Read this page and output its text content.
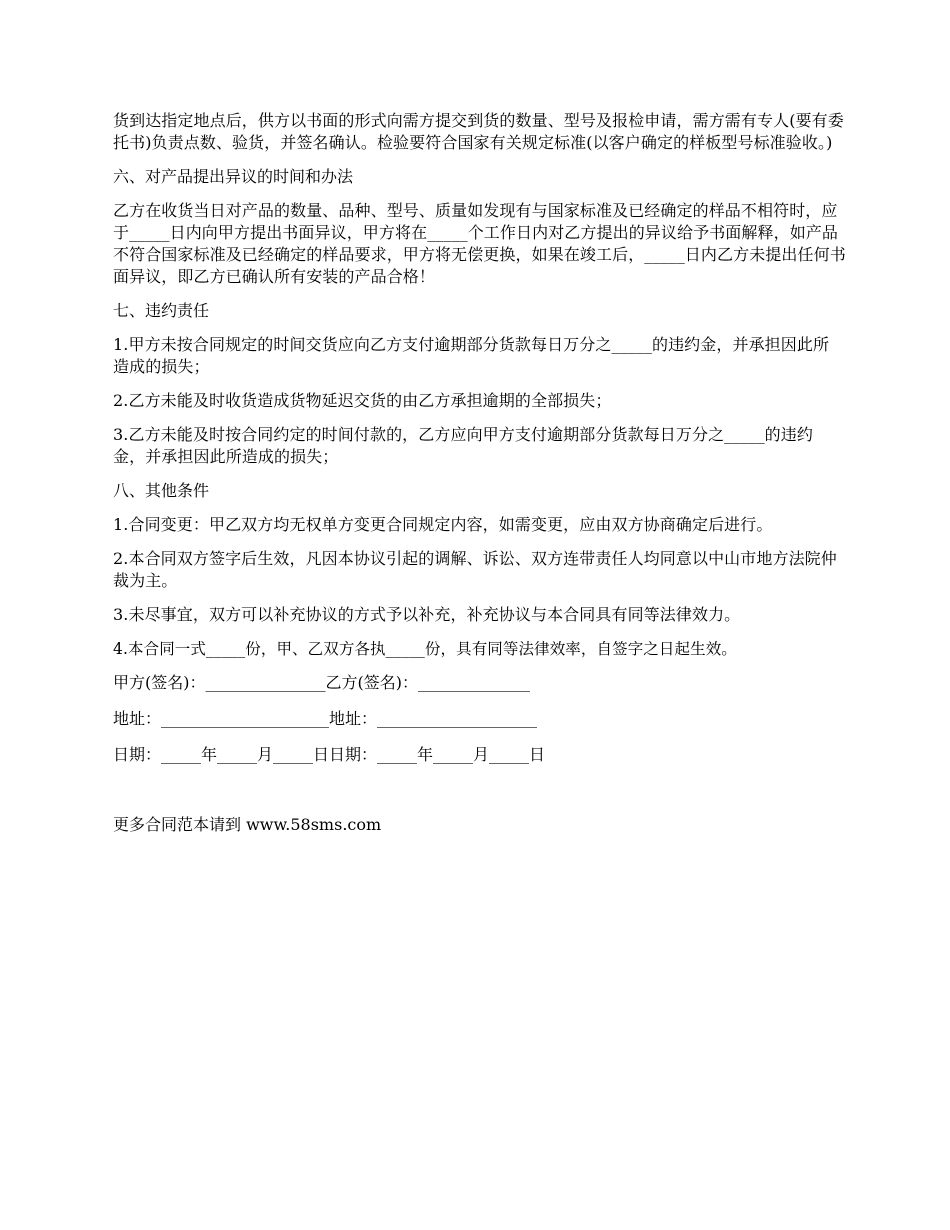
货到达指定地点后，供方以书面的形式向需方提交到货的数量、型号及报检申请，需方需有专人(要有委托书)负责点数、验货，并签名确认。检验要符合国家有关规定标准(以客户确定的样板型号标准验收。)

六、对产品提出异议的时间和办法

乙方在收货当日对产品的数量、品种、型号、质量如发现有与国家标准及已经确定的样品不相符时，应于_____日内向甲方提出书面异议，甲方将在_____个工作日内对乙方提出的异议给予书面解释，如产品不符合国家标准及已经确定的样品要求，甲方将无偿更换，如果在竣工后，_____日内乙方未提出任何书面异议，即乙方已确认所有安装的产品合格！

七、违约责任

1.甲方未按合同规定的时间交货应向乙方支付逾期部分货款每日万分之_____的违约金，并承担因此所造成的损失；

2.乙方未能及时收货造成货物延迟交货的由乙方承担逾期的全部损失；

3.乙方未能及时按合同约定的时间付款的，乙方应向甲方支付逾期部分货款每日万分之_____的违约金，并承担因此所造成的损失；

八、其他条件

1.合同变更：甲乙双方均无权单方变更合同规定内容，如需变更，应由双方协商确定后进行。

2.本合同双方签字后生效，凡因本协议引起的调解、诉讼、双方连带责任人均同意以中山市地方法院仲裁为主。

3.未尽事宜，双方可以补充协议的方式予以补充，补充协议与本合同具有同等法律效力。

4.本合同一式_____份，甲、乙双方各执_____份，具有同等法律效率，自签字之日起生效。

甲方(签名)：_______________乙方(签名)：______________
地址：_____________________地址：____________________
日期：_____年_____月_____日日期：_____年_____月_____日
更多合同范本请到 www.58sms.com
